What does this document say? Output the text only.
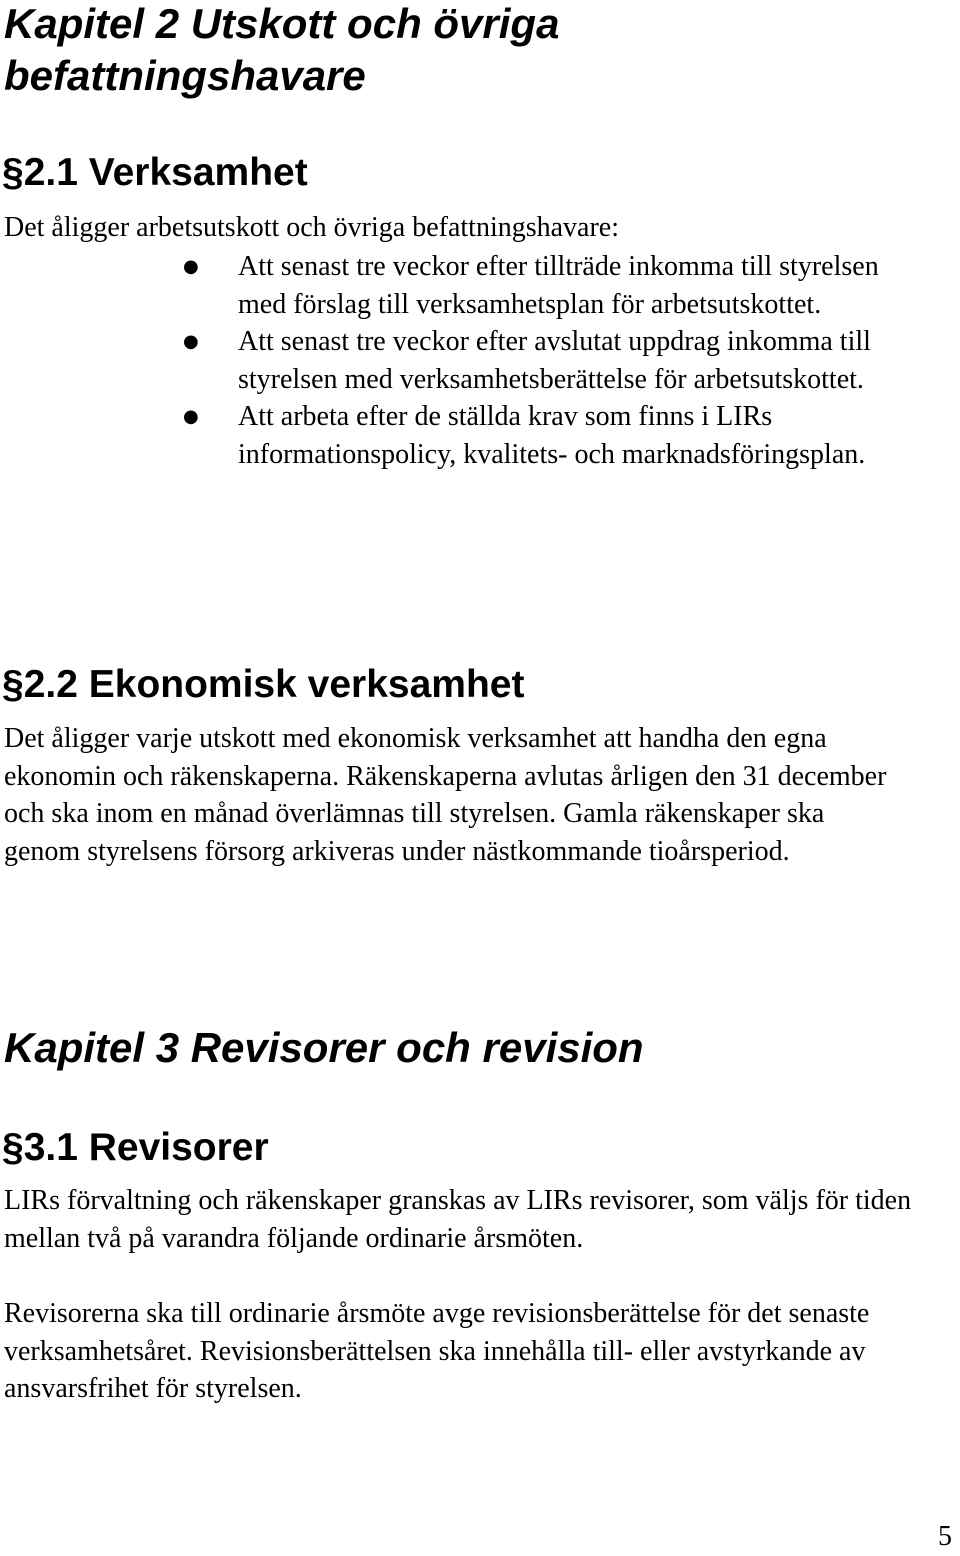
Kapitel 2 Utskott och övriga befattningshavare
§2.1 Verksamhet

Det åligger arbetsutskott och övriga befattningshavare:

● Att senast tre veckor efter tillträde inkomma till styrelsen med förslag till verksamhetsplan för arbetsutskottet.
● Att senast tre veckor efter avslutat uppdrag inkomma till styrelsen med verksamhetsberättelse för arbetsutskottet.
● Att arbeta efter de ställda krav som finns i LIRs informationspolicy, kvalitets- och marknadsföringsplan.
§2.2 Ekonomisk verksamhet

Det åligger varje utskott med ekonomisk verksamhet att handha den egna ekonomin och räkenskaperna. Räkenskaperna avlutas årligen den 31 december och ska inom en månad överlämnas till styrelsen. Gamla räkenskaper ska genom styrelsens försorg arkiveras under nästkommande tioårsperiod.

Kapitel 3 Revisorer och revision
§3.1 Revisorer

LIRs förvaltning och räkenskaper granskas av LIRs revisorer, som väljs för tiden mellan två på varandra följande ordinarie årsmöten.

Revisorerna ska till ordinarie årsmöte avge revisionsberättelse för det senaste verksamhetsåret. Revisionsberättelsen ska innehålla till- eller avstyrkande av ansvarsfrihet för styrelsen.

5
